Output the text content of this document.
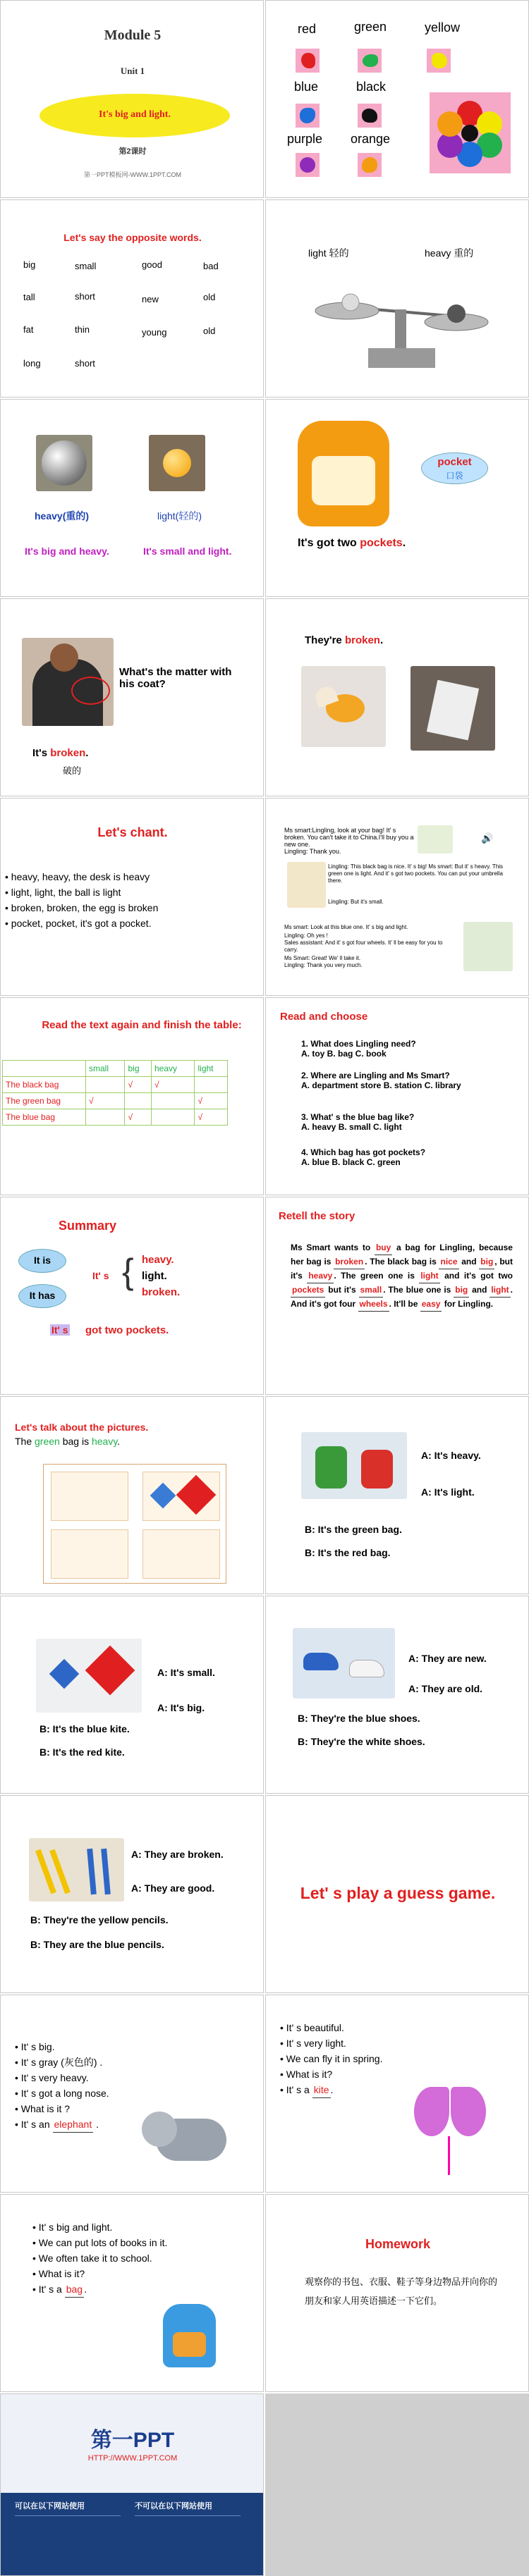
Module 5
Unit 1
It's big and light.
第2课时
第一PPT模板网-WWW.1PPT.COM
red	green	yellow
blue	black
purple orange
Let's say the opposite words.
big	small	good	bad
tall	short	new	old
fat	thin	young	old
long	short
light 轻的	heavy 重的
heavy(重的)	light(轻的)
It's big and heavy.	It's small and light.
pocket
口袋
It's got two pockets.
What's the matter with his coat?
It's broken.
破的
They're broken.
Let's chant.
• heavy, heavy, the desk is heavy
• light, light, the ball is light
• broken, broken, the egg is broken
• pocket, pocket, it's got a pocket.
Ms smart:Lingling, look at your bag! It' s broken. You can't take it to China.I'll buy you a new one.
Lingling: Thank you.
🔊
Lingling: This black bag is nice. It' s big! Ms smart: But it' s heavy. This green one is light. And it' s got two pockets. You can put your umbrella there.
Lingling: But it's small.
Ms smart: Look at this blue one. It' s big and light.
Lingling: Oh yes !
Sales assistant: And it' s got four wheels. It' ll be easy for you to carry.
Ms Smart: Great! We' ll take it.
Lingling: Thank you very much.
Read the text again and finish the table:
	small	big	heavy	light
The black bag		√	√	
The green bag	√			√
The blue bag		√		√
Read and choose
1. What does Lingling need?
A. toy B. bag C. book
2. Where are Lingling and Ms Smart?
A. department store B. station C. library
3. What' s the blue bag like?
A. heavy B. small C. light
4. Which bag has got pockets?
A. blue B. black C. green
Summary
It is
It has
It' s { heavy.
light.
broken.
It' s got two pockets.
Retell the story
Ms Smart wants to buy a bag for Lingling, because her bag is broken . The black bag is nice and big , but it's heavy . The green one is light and it's got two pockets but it's small . The blue one is big and light . And it's got four wheels . It'll be easy for Lingling.
Let's talk about the pictures.
The green bag is heavy.
A: It's heavy.
A: It's light.
B: It's the green bag.
B: It's the red bag.
A: It's small.
A: It's big.
B: It's the blue kite.
B: It's the red kite.
A: They are new.
A: They are old.
B: They're the blue shoes.
B: They're the white shoes.
A: They are broken.
A: They are good.
B: They're the yellow pencils.
B: They are the blue pencils.
Let' s play a guess game.
• It' s big.
• It' s gray (灰色的) .
• It' s very heavy.
• It' s got a long nose.
• What is it ?
• It' s an elephant .
• It' s beautiful.
• It' s very light.
• We can fly it in spring.
• What is it?
• It' s a kite .
• It' s big and light.
• We can put lots of books in it.
• We often take it to school.
• What is it?
• It' s a bag .
Homework
观察你的书包、衣服、鞋子等身边物品并向你的朋友和家人用英语描述一下它们。
第一PPT
HTTP://WWW.1PPT.COM
可以在以下网站使用	不可以在以下网站使用
